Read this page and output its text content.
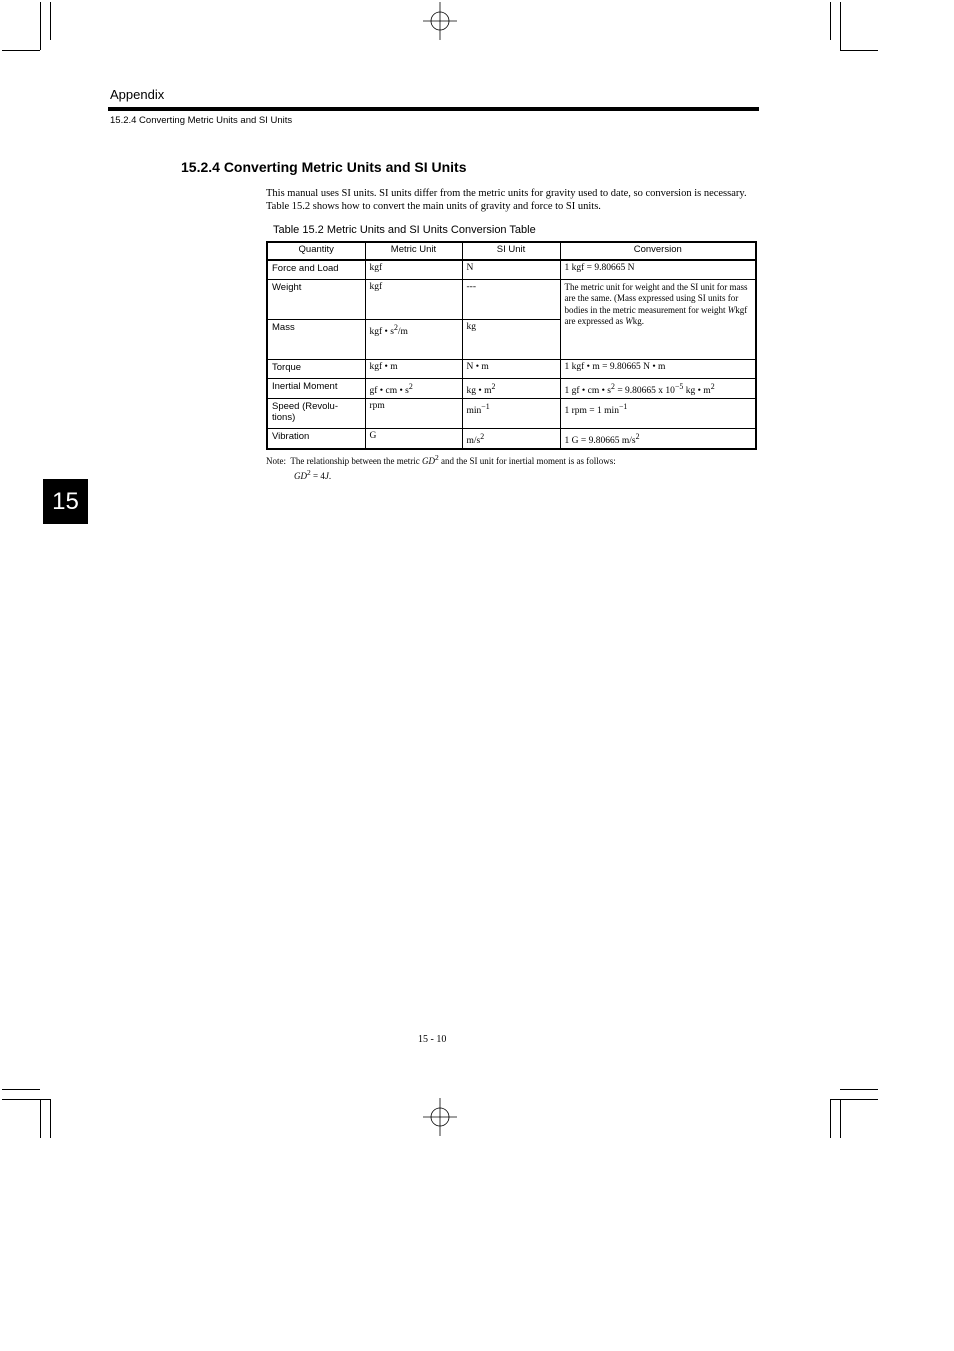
Appendix
15.2.4 Converting Metric Units and SI Units
15.2.4 Converting Metric Units and SI Units
This manual uses SI units. SI units differ from the metric units for gravity used to date, so conversion is necessary. Table 15.2 shows how to convert the main units of gravity and force to SI units.
Table 15.2 Metric Units and SI Units Conversion Table
Quantity	Metric Unit	SI Unit	Conversion
Force and Load	kgf	N	1 kgf = 9.80665 N
Weight	kgf	---	The metric unit for weight and the SI unit for mass are the same. (Mass expressed using SI units for bodies in the metric measurement for weight Wkgf are expressed as Wkg.
Mass	kgf • $s^2/m$	kg	
Torque	kgf • m	N • m	1 kgf • m = 9.80665 N • m
Inertial Moment	gf • cm • $s^2$	kg • $m^2$	1 gf • cm • $s^2 = 9.80665$ x $10^{-5}$ kg • $m^2$
Speed (Revolu- tions)	rpm	$\min^{-1}$	1 rpm = 1 $\min^{-1}$
Vibration	G	$m/s^2$	1 G = 9.80665 $m/s^2$
Note: The relationship between the metric $GD^2$ and the SI unit for inertial moment is as follows:
$GD^2 = 4J$.
15
15 - 10
